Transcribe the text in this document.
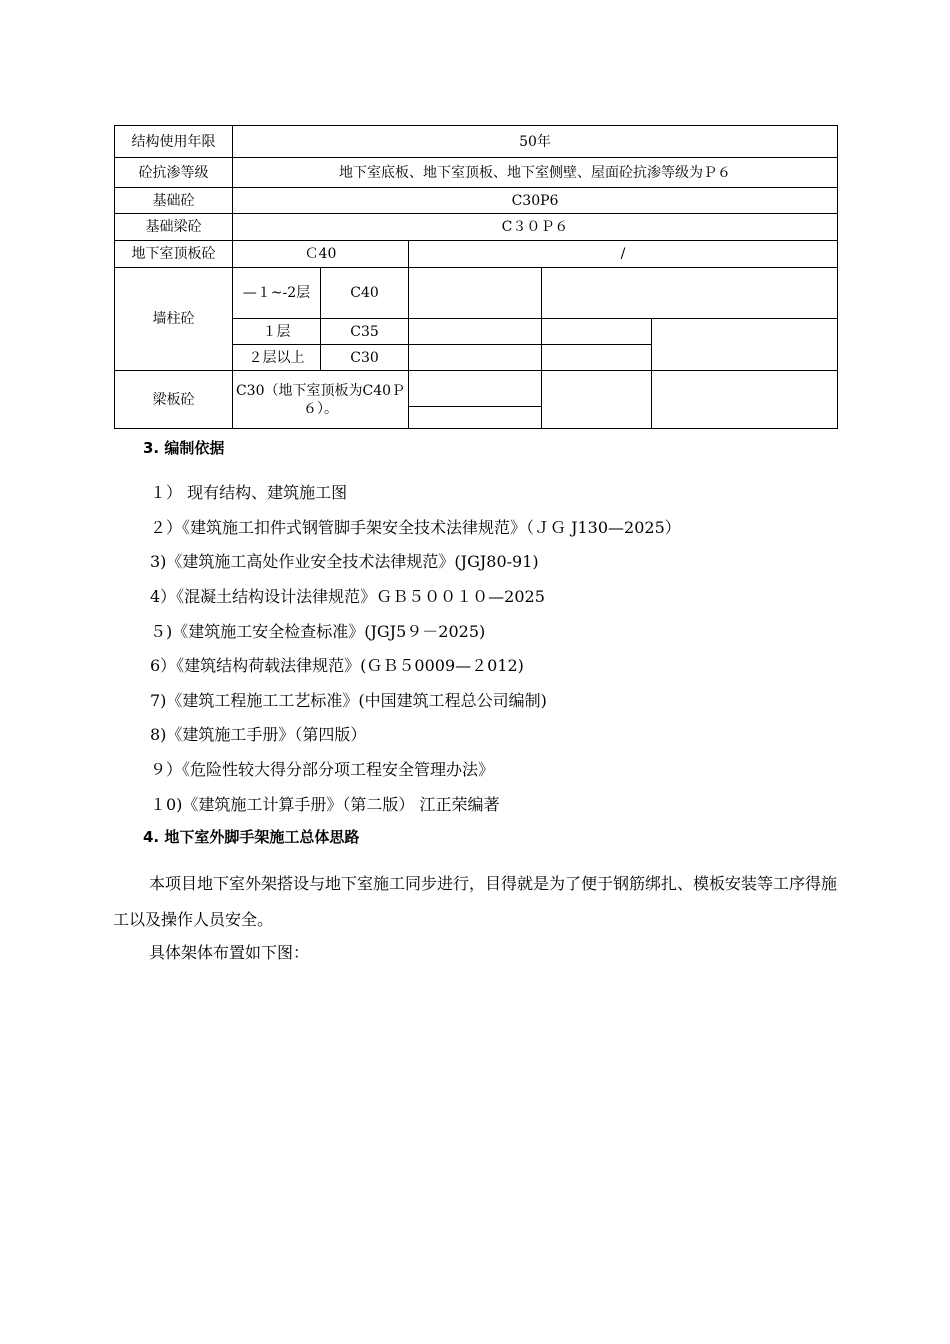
结构使用年限	50年				
砼抗渗等级	地下室底板、地下室顶板、地下室侧壁、屋面砼抗渗等级为Ｐ６				
基础砼	C30P6				
基础梁砼	C３０Ｐ６				
地下室顶板砼	Ｃ40		/		
墙柱砼	—１~-2层	C40			
	１层	C35			
	２层以上	C30			
梁板砼	C30（地下室顶板为C40Ｐ６）。				

3. 编制依据
１） 现有结构、建筑施工图
２）《建筑施工扣件式钢管脚手架安全技术法律规范》（ＪＧ J130—2025）
3)《建筑施工高处作业安全技术法律规范》(JGJ80-91)
4）《混凝土结构设计法律规范》ＧＢ５００１０—2025
５)《建筑施工安全检查标准》(JGJ5９－2025)
6）《建筑结构荷载法律规范》(ＧＢ５0009—２012)
7)《建筑工程施工工艺标准》(中国建筑工程总公司编制)
8)《建筑施工手册》（第四版）
９）《危险性较大得分部分项工程安全管理办法》
１0)《建筑施工计算手册》（第二版） 江正荣编著
4. 地下室外脚手架施工总体思路
本项目地下室外架搭设与地下室施工同步进行，目得就是为了便于钢筋绑扎、模板安装等工序得施工以及操作人员安全。
具体架体布置如下图：
